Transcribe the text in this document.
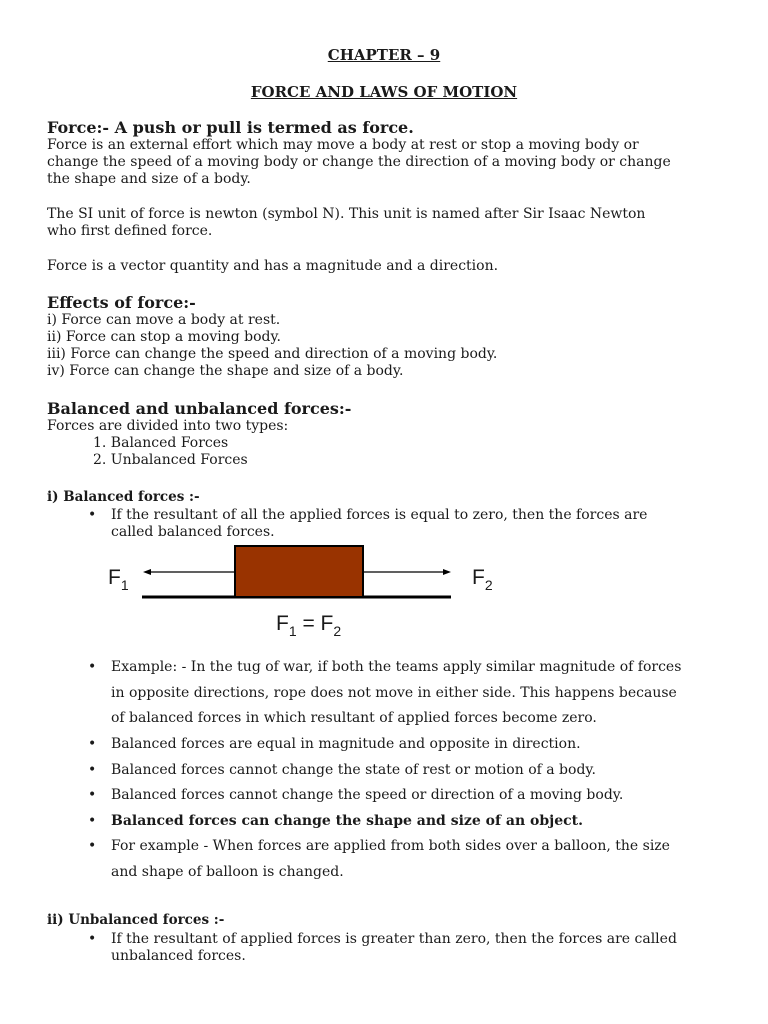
CHAPTER – 9
FORCE AND LAWS OF MOTION
Force:- A push or pull is termed as force.
Force is an external effort which may move a body at rest or stop a moving body or
change the speed of a moving body or change the direction of a moving body or change
the shape and size of a body.
The SI unit of force is newton (symbol N). This unit is named after Sir Isaac Newton
who first defined force.
Force is a vector quantity and has a magnitude and a direction.
Effects of force:-
i) Force can move a body at rest.
ii) Force can stop a moving body.
iii) Force can change the speed and direction of a moving body.
iv) Force can change the shape and size of a body.
Balanced and unbalanced forces:-
Forces are divided into two types:
1. Balanced Forces
2. Unbalanced Forces
i) Balanced forces :-
• If the resultant of all the applied forces is equal to zero, then the forces are
called balanced forces.
$F_1$	$F_2$
$F_1 = F_2$
• Example: - In the tug of war, if both the teams apply similar magnitude of forces
in opposite directions, rope does not move in either side. This happens because
of balanced forces in which resultant of applied forces become zero.
• Balanced forces are equal in magnitude and opposite in direction.
• Balanced forces cannot change the state of rest or motion of a body.
• Balanced forces cannot change the speed or direction of a moving body.
• Balanced forces can change the shape and size of an object.
• For example - When forces are applied from both sides over a balloon, the size
and shape of balloon is changed.
ii) Unbalanced forces :-
• If the resultant of applied forces is greater than zero, then the forces are called
unbalanced forces.
